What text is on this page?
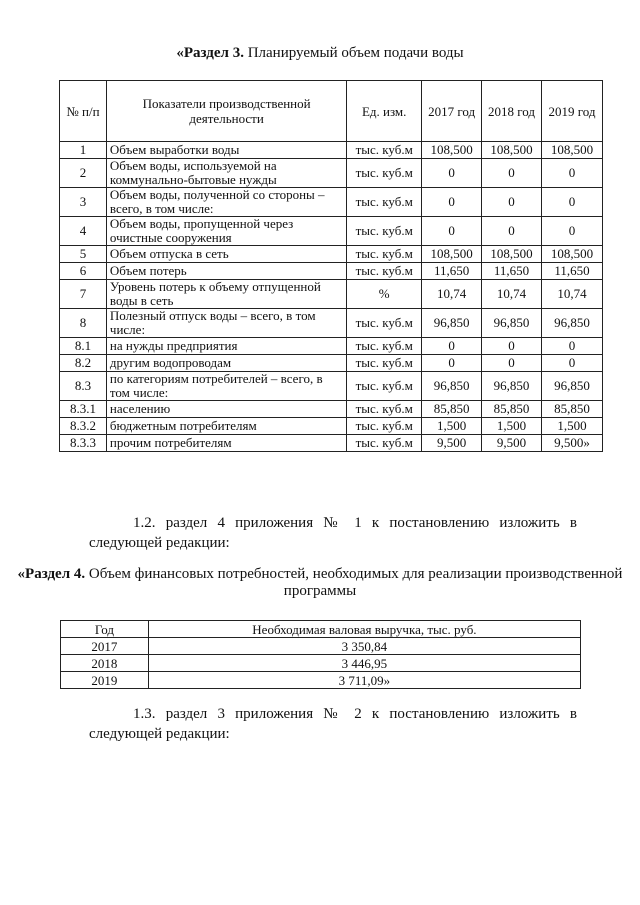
«Раздел 3. Планируемый объем подачи воды
№ п/п	Показатели производственной деятельности	Ед. изм.	2017 год	2018 год	2019 год
1	Объем выработки воды	тыс. куб.м	108,500	108,500	108,500
2	Объем воды, используемой на коммунально-бытовые нужды	тыс. куб.м	0	0	0
3	Объем воды, полученной со стороны – всего, в том числе:	тыс. куб.м	0	0	0
4	Объем воды, пропущенной через очистные сооружения	тыс. куб.м	0	0	0
5	Объем отпуска в сеть	тыс. куб.м	108,500	108,500	108,500
6	Объем потерь	тыс. куб.м	11,650	11,650	11,650
7	Уровень потерь к объему отпущенной воды в сеть	%	10,74	10,74	10,74
8	Полезный отпуск воды – всего, в том числе:	тыс. куб.м	96,850	96,850	96,850
8.1	на нужды предприятия	тыс. куб.м	0	0	0
8.2	другим водопроводам	тыс. куб.м	0	0	0
8.3	по категориям потребителей – всего, в том числе:	тыс. куб.м	96,850	96,850	96,850
8.3.1	населению	тыс. куб.м	85,850	85,850	85,850
8.3.2	бюджетным потребителям	тыс. куб.м	1,500	1,500	1,500
8.3.3	прочим потребителям	тыс. куб.м	9,500	9,500	9,500»
1.2. раздел 4 приложения № 1 к постановлению изложить в следующей редакции:
«Раздел 4. Объем финансовых потребностей, необходимых для реализации производственной программы
Год	Необходимая валовая выручка, тыс. руб.
2017	3 350,84
2018	3 446,95
2019	3 711,09»
1.3. раздел 3 приложения № 2 к постановлению изложить в следующей редакции:
